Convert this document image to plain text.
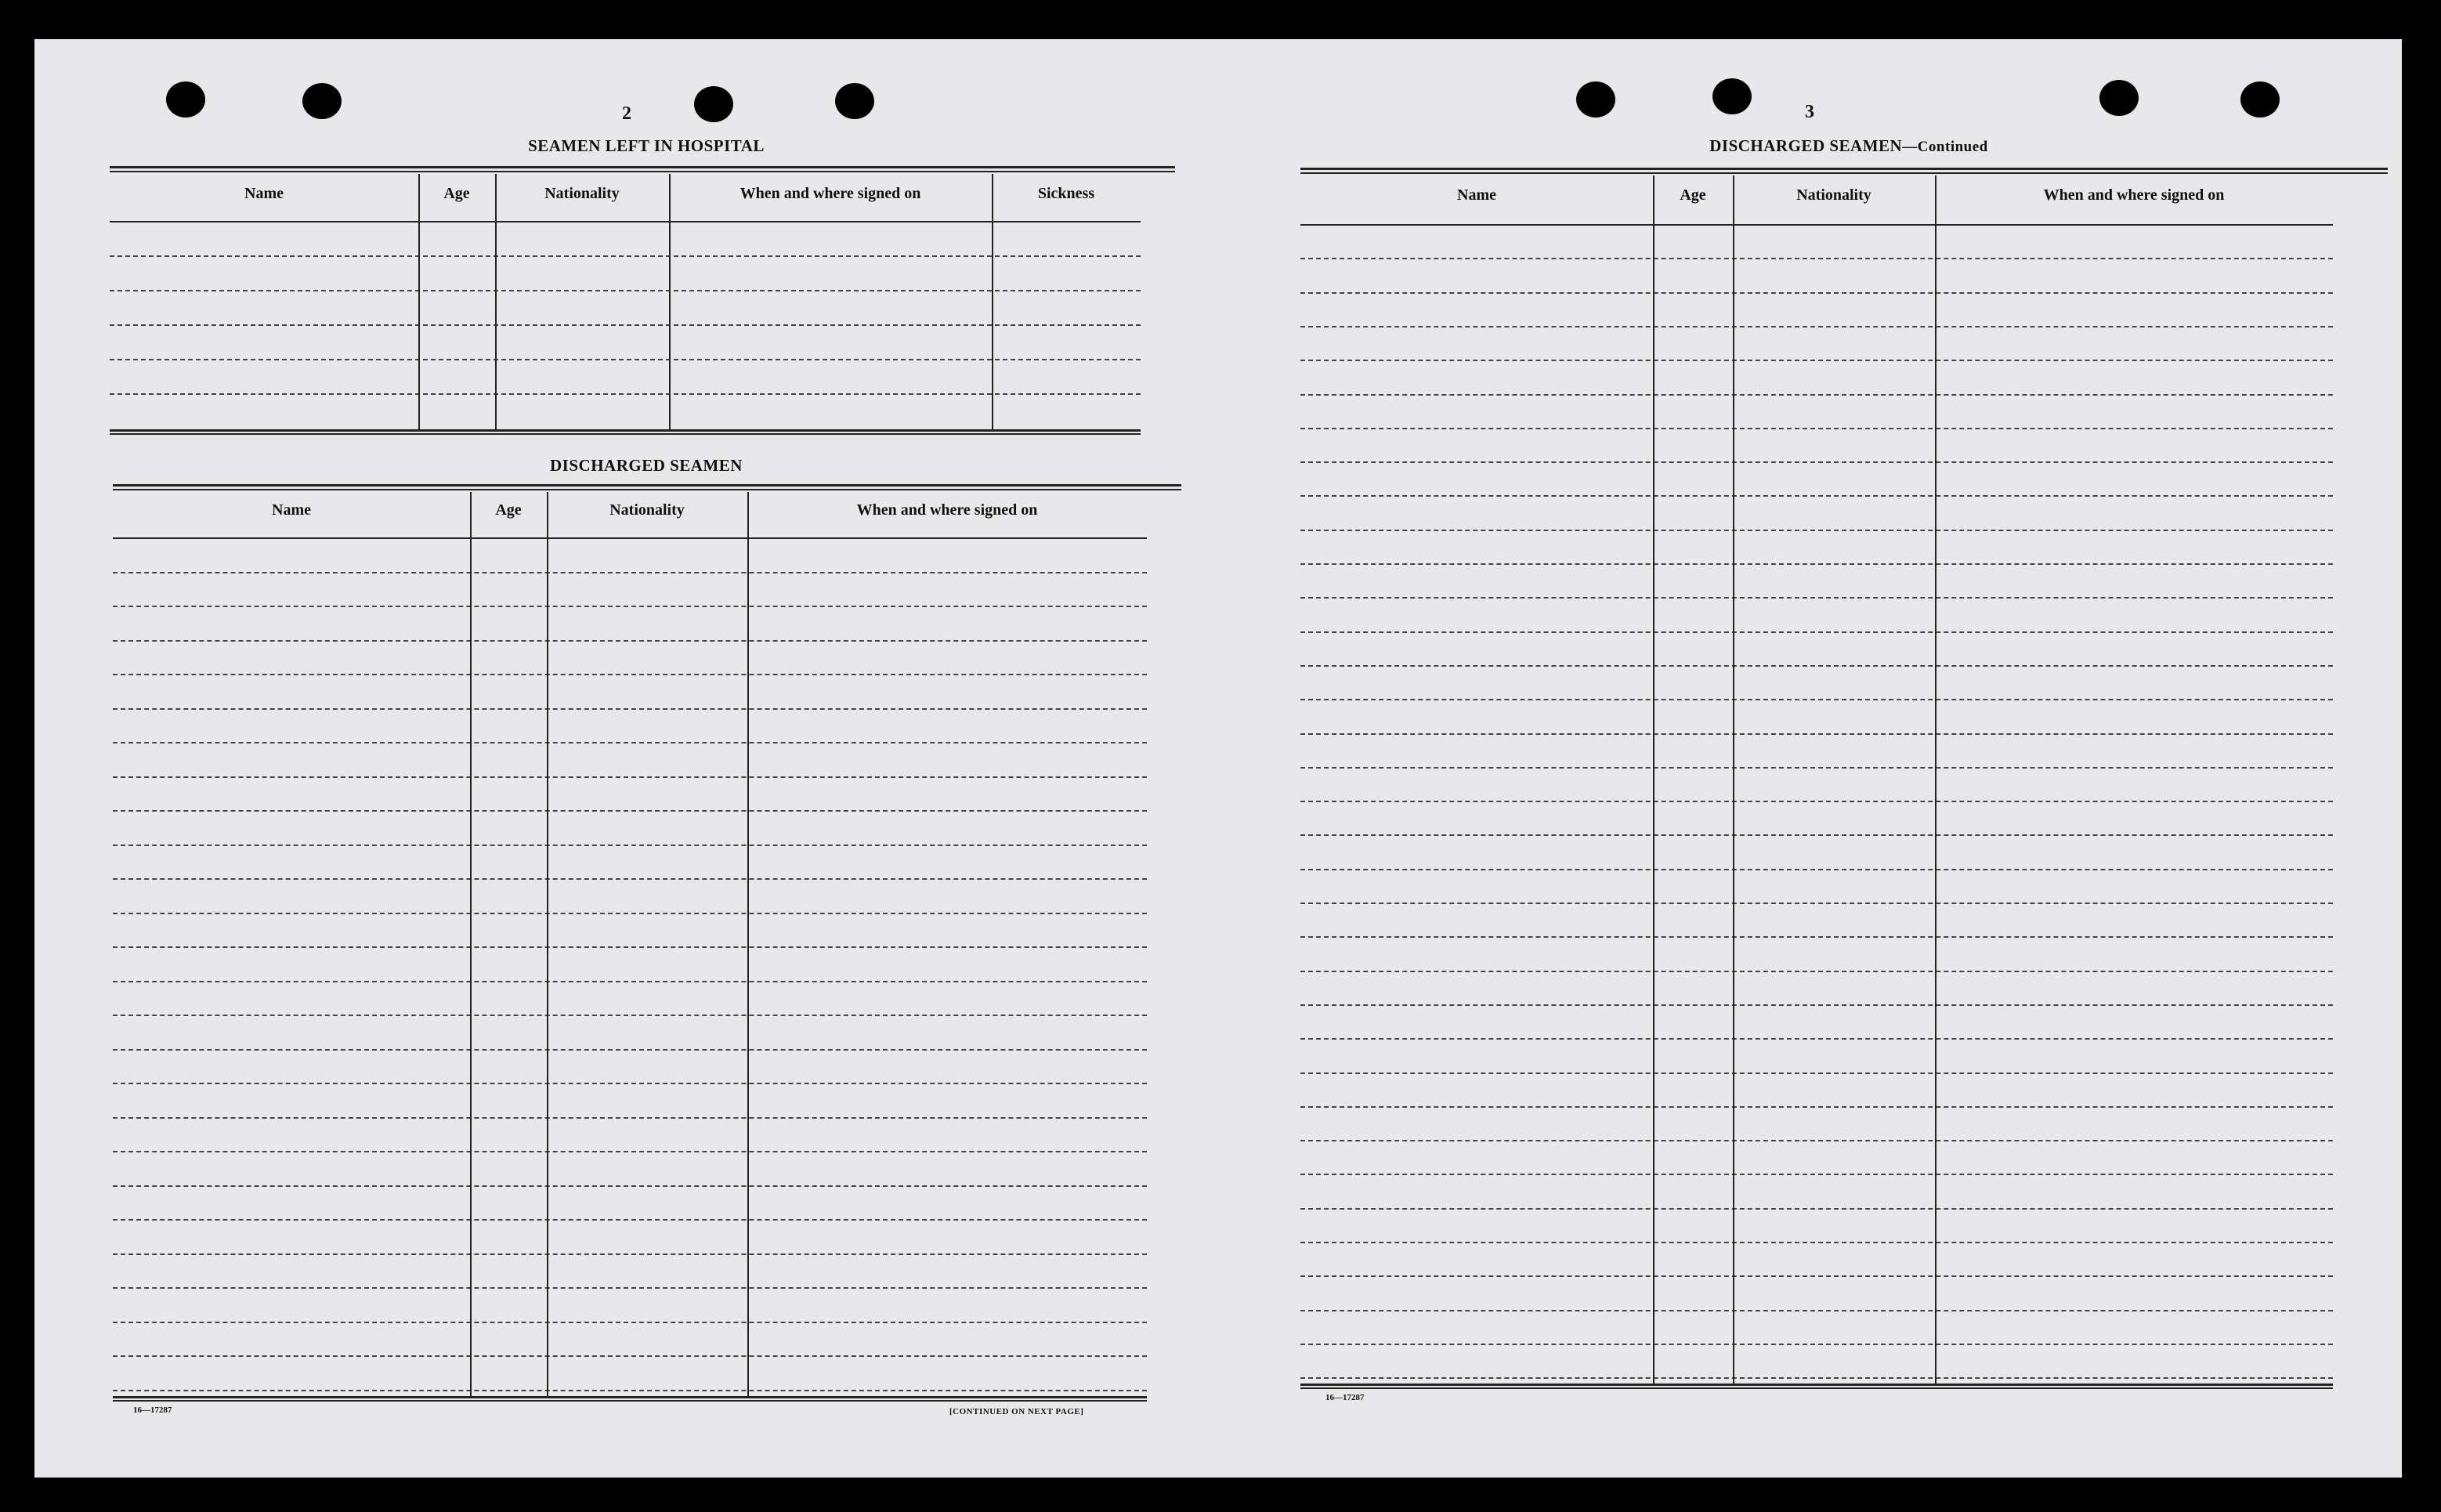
2
SEAMEN LEFT IN HOSPITAL
DISCHARGED SEAMEN
16—17287	[CONTINUED ON NEXT PAGE]
3
DISCHARGED SEAMEN—Continued
16—17287
Name	Age	Nationality	When and where signed on	Sickness
Name	Age	Nationality	When and where signed on
Name	Age	Nationality	When and where signed on
